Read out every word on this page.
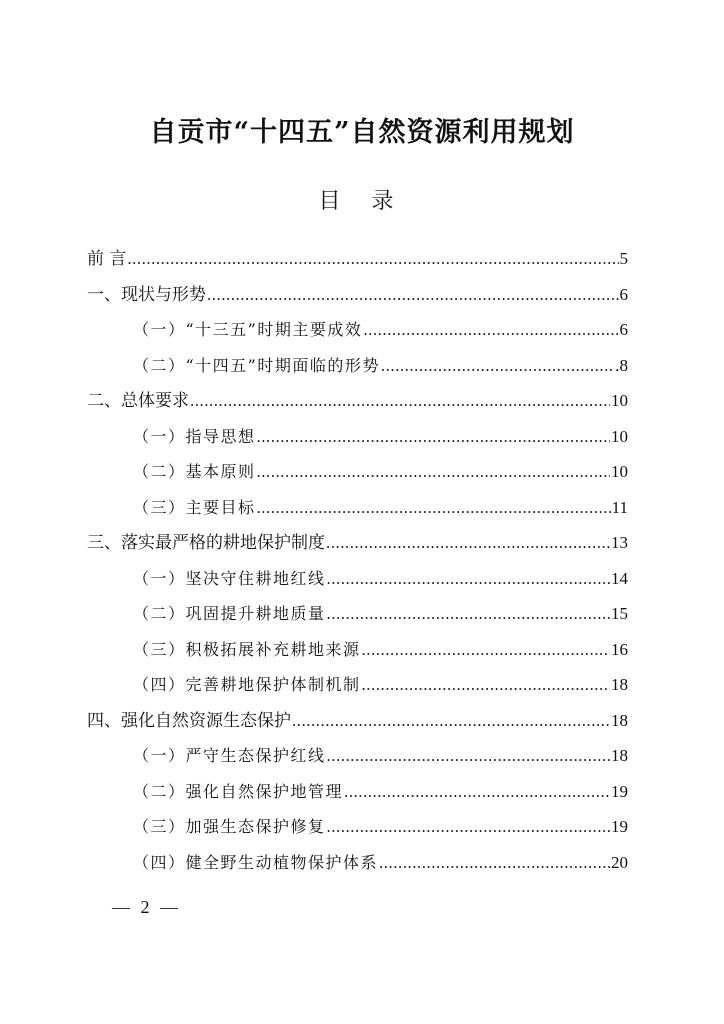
自贡市“十四五”自然资源利用规划
目 录
前 言 .....	5
一、现状与形势 .....	6
（一）“十三五”时期主要成效 .....	6
（二）“十四五”时期面临的形势 .....	.8
二、总体要求 .....	10
（一）指导思想 .....	10
（二）基本原则 .....	10
（三）主要目标 .....	11
三、落实最严格的耕地保护制度 .....	13
（一）坚决守住耕地红线 .....	14
（二）巩固提升耕地质量 .....	15
（三）积极拓展补充耕地来源 .....	16
（四）完善耕地保护体制机制 .....	18
四、强化自然资源生态保护 .....	18
（一）严守生态保护红线 .....	18
（二）强化自然保护地管理 .....	19
（三）加强生态保护修复 .....	19
（四）健全野生动植物保护体系 .....	20
— 2 —
